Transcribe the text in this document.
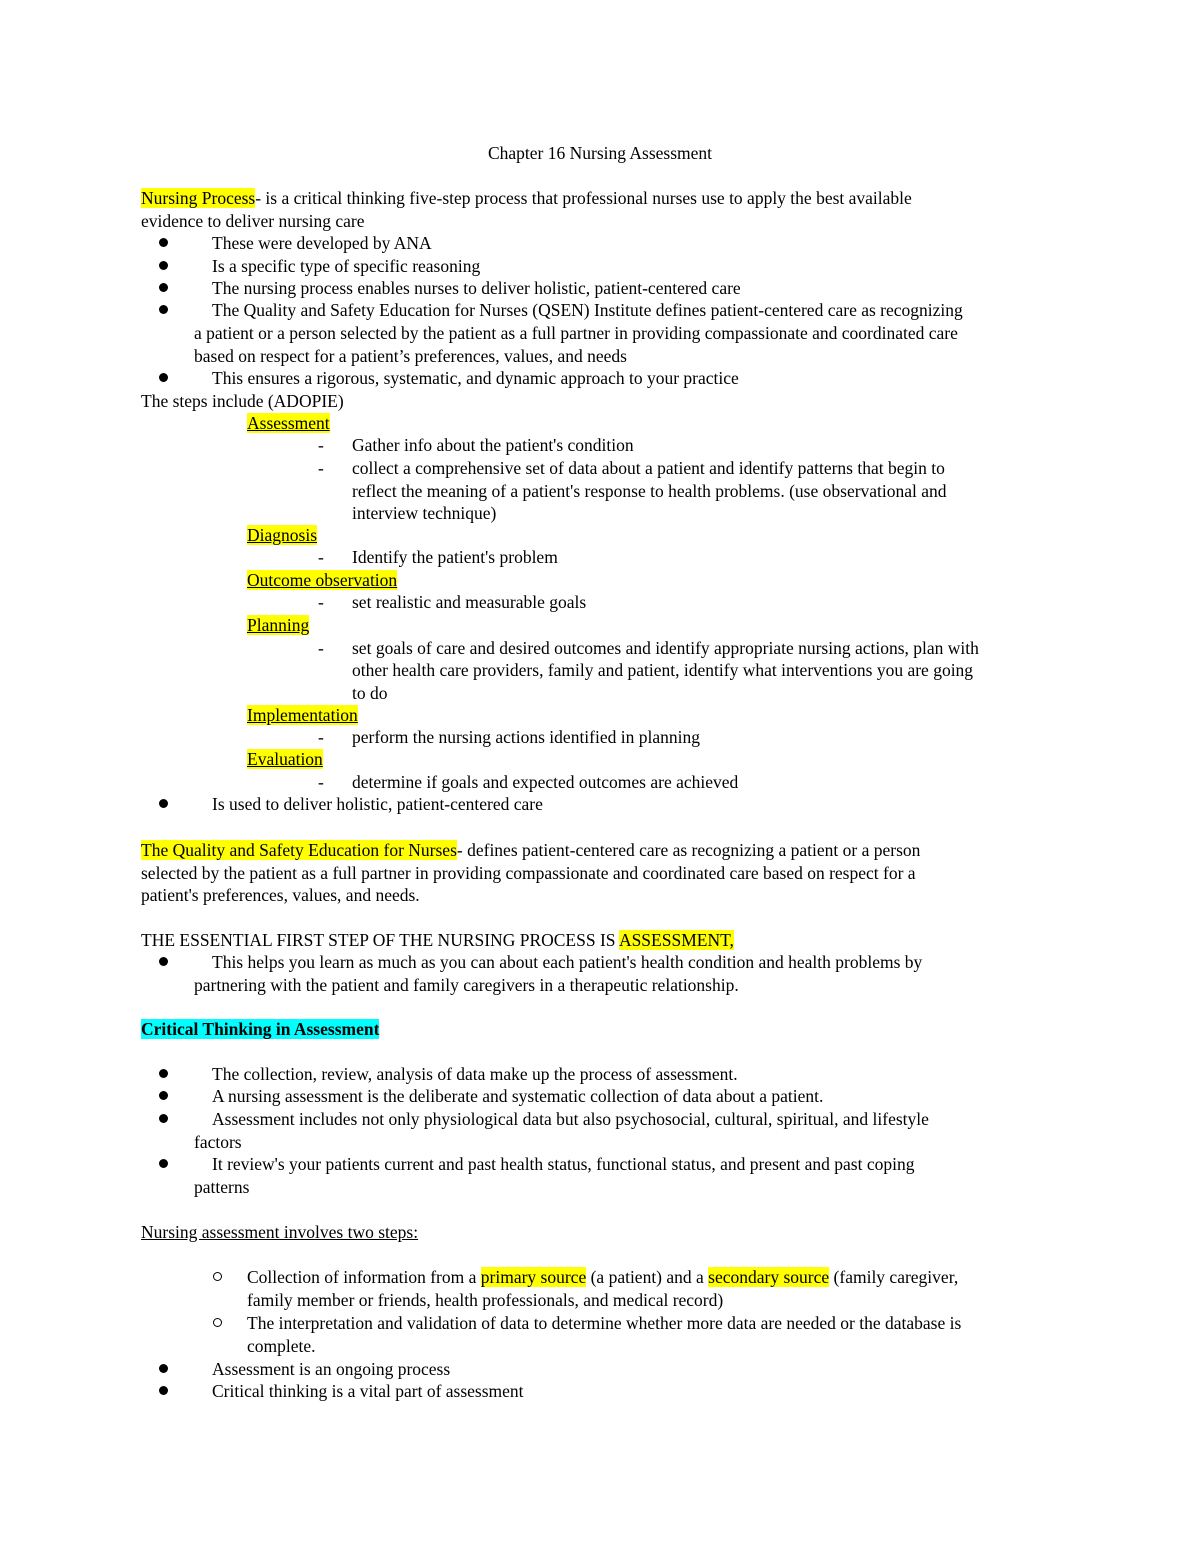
Chapter 16 Nursing Assessment
Nursing Process- is a critical thinking five-step process that professional nurses use to apply the best available
evidence to deliver nursing care
These were developed by ANA
Is a specific type of specific reasoning
The nursing process enables nurses to deliver holistic, patient-centered care
The Quality and Safety Education for Nurses (QSEN) Institute defines patient-centered care as recognizing
a patient or a person selected by the patient as a full partner in providing compassionate and coordinated care
based on respect for a patient’s preferences, values, and needs
This ensures a rigorous, systematic, and dynamic approach to your practice
The steps include (ADOPIE)
Assessment
- Gather info about the patient's condition
- collect a comprehensive set of data about a patient and identify patterns that begin to
reflect the meaning of a patient's response to health problems. (use observational and
interview technique)
Diagnosis
- Identify the patient's problem
Outcome observation
- set realistic and measurable goals
Planning
- set goals of care and desired outcomes and identify appropriate nursing actions, plan with
other health care providers, family and patient, identify what interventions you are going
to do
Implementation
- perform the nursing actions identified in planning
Evaluation
- determine if goals and expected outcomes are achieved
Is used to deliver holistic, patient-centered care
The Quality and Safety Education for Nurses- defines patient-centered care as recognizing a patient or a person
selected by the patient as a full partner in providing compassionate and coordinated care based on respect for a
patient's preferences, values, and needs.
THE ESSENTIAL FIRST STEP OF THE NURSING PROCESS IS ASSESSMENT,
This helps you learn as much as you can about each patient's health condition and health problems by
partnering with the patient and family caregivers in a therapeutic relationship.
Critical Thinking in Assessment
The collection, review, analysis of data make up the process of assessment.
A nursing assessment is the deliberate and systematic collection of data about a patient.
Assessment includes not only physiological data but also psychosocial, cultural, spiritual, and lifestyle
factors
It review's your patients current and past health status, functional status, and present and past coping
patterns
Nursing assessment involves two steps:
Collection of information from a primary source (a patient) and a secondary source (family caregiver,
family member or friends, health professionals, and medical record)
The interpretation and validation of data to determine whether more data are needed or the database is
complete.
Assessment is an ongoing process
Critical thinking is a vital part of assessment
